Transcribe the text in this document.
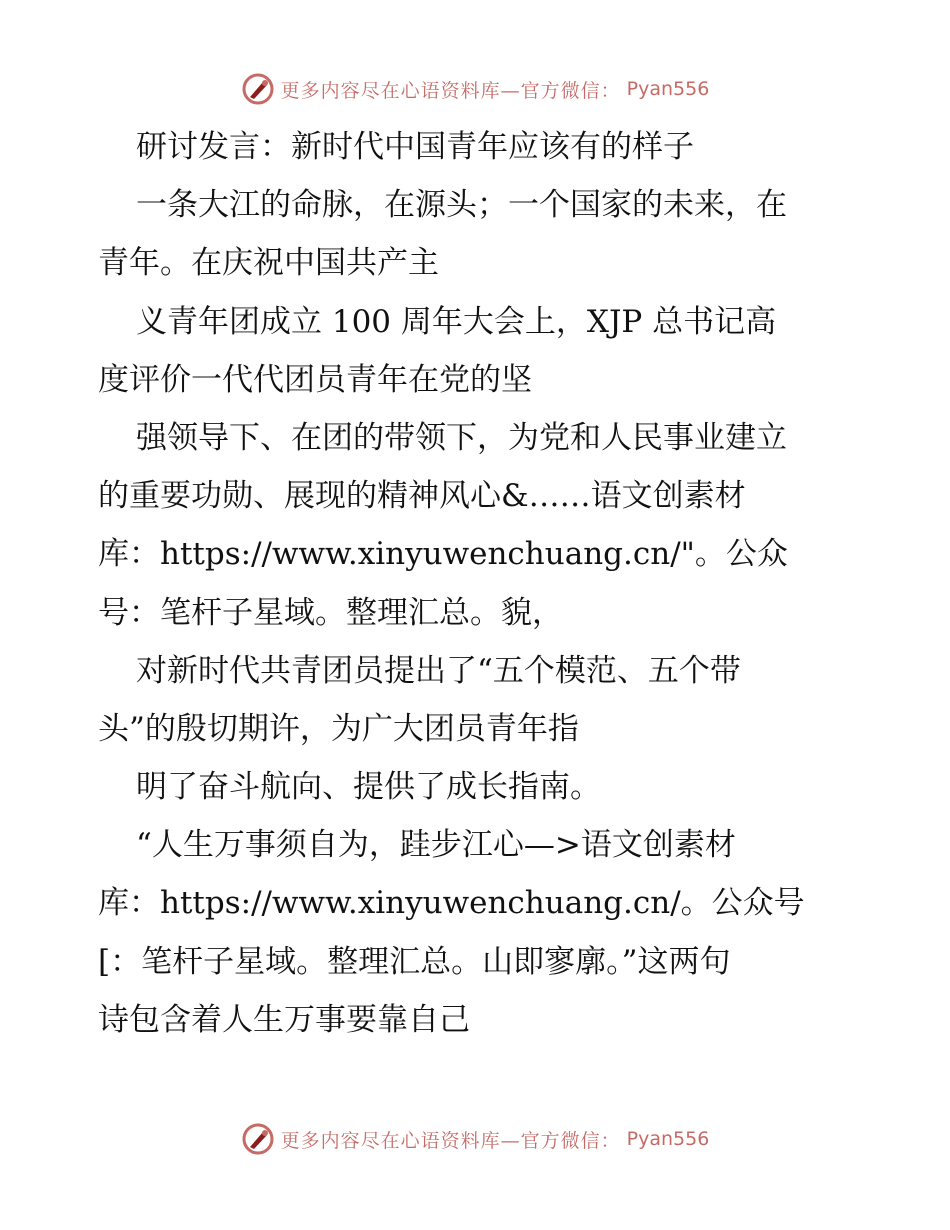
更多内容尽在心语资料库—官方微信： Pyan556
研讨发言：新时代中国青年应该有的样子
一条大江的命脉，在源头；一个国家的未来，在
青年。在庆祝中国共产主
义青年团成立 100 周年大会上，XJP 总书记高
度评价一代代团员青年在党的坚
强领导下、在团的带领下，为党和人民事业建立
的重要功勋、展现的精神风心&……语文创素材
库：https://www.xinyuwenchuang.cn/"。公众
号：笔杆子星域。整理汇总。貌，
对新时代共青团员提出了“五个模范、五个带
头”的殷切期许，为广大团员青年指
明了奋斗航向、提供了成长指南。
“人生万事须自为，跬步江心—>语文创素材
库：https://www.xinyuwenchuang.cn/。公众号
[：笔杆子星域。整理汇总。山即寥廓。”这两句
诗包含着人生万事要靠自己
更多内容尽在心语资料库—官方微信： Pyan556
